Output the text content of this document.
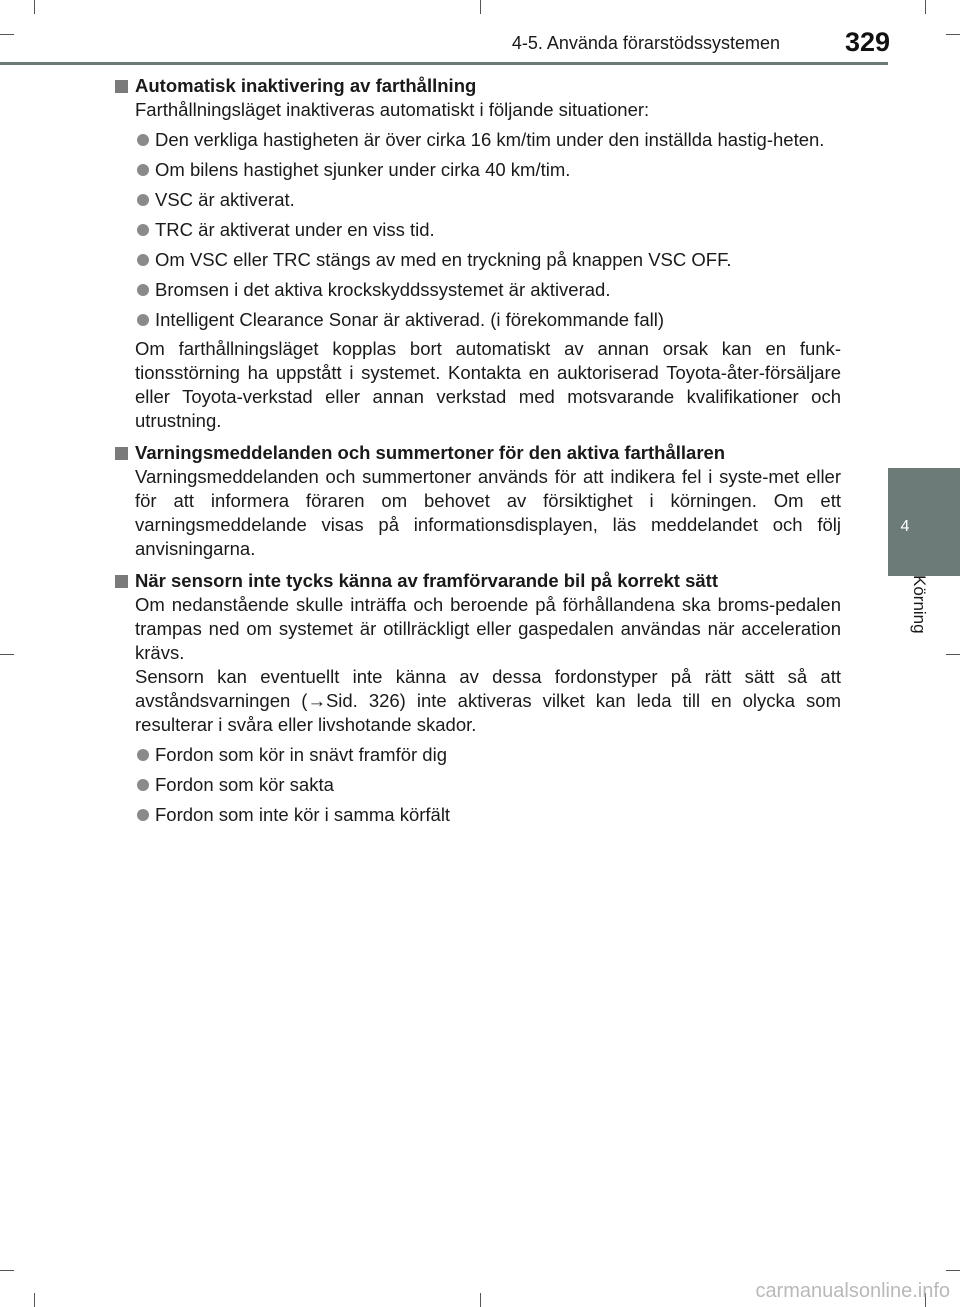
4-5. Använda förarstödssystemen	329
4
Körning
Automatisk inaktivering av farthållning

Farthållningsläget inaktiveras automatiskt i följande situationer:

Den verkliga hastigheten är över cirka 16 km/tim under den inställda hastig-heten.
Om bilens hastighet sjunker under cirka 40 km/tim.
VSC är aktiverat.
TRC är aktiverat under en viss tid.
Om VSC eller TRC stängs av med en tryckning på knappen VSC OFF.
Bromsen i det aktiva krockskyddssystemet är aktiverad.
Intelligent Clearance Sonar är aktiverad. (i förekommande fall)

Om farthållningsläget kopplas bort automatiskt av annan orsak kan en funk-tionsstörning ha uppstått i systemet. Kontakta en auktoriserad Toyota-åter-försäljare eller Toyota-verkstad eller annan verkstad med motsvarande kvalifikationer och utrustning.

Varningsmeddelanden och summertoner för den aktiva farthållaren

Varningsmeddelanden och summertoner används för att indikera fel i syste-met eller för att informera föraren om behovet av försiktighet i körningen. Om ett varningsmeddelande visas på informationsdisplayen, läs meddelandet och följ anvisningarna.

När sensorn inte tycks känna av framförvarande bil på korrekt sätt

Om nedanstående skulle inträffa och beroende på förhållandena ska broms-pedalen trampas ned om systemet är otillräckligt eller gaspedalen användas när acceleration krävs.

Sensorn kan eventuellt inte känna av dessa fordonstyper på rätt sätt så att avståndsvarningen (→Sid. 326) inte aktiveras vilket kan leda till en olycka som resulterar i svåra eller livshotande skador.

Fordon som kör in snävt framför dig
Fordon som kör sakta
Fordon som inte kör i samma körfält
carmanualsonline.info
